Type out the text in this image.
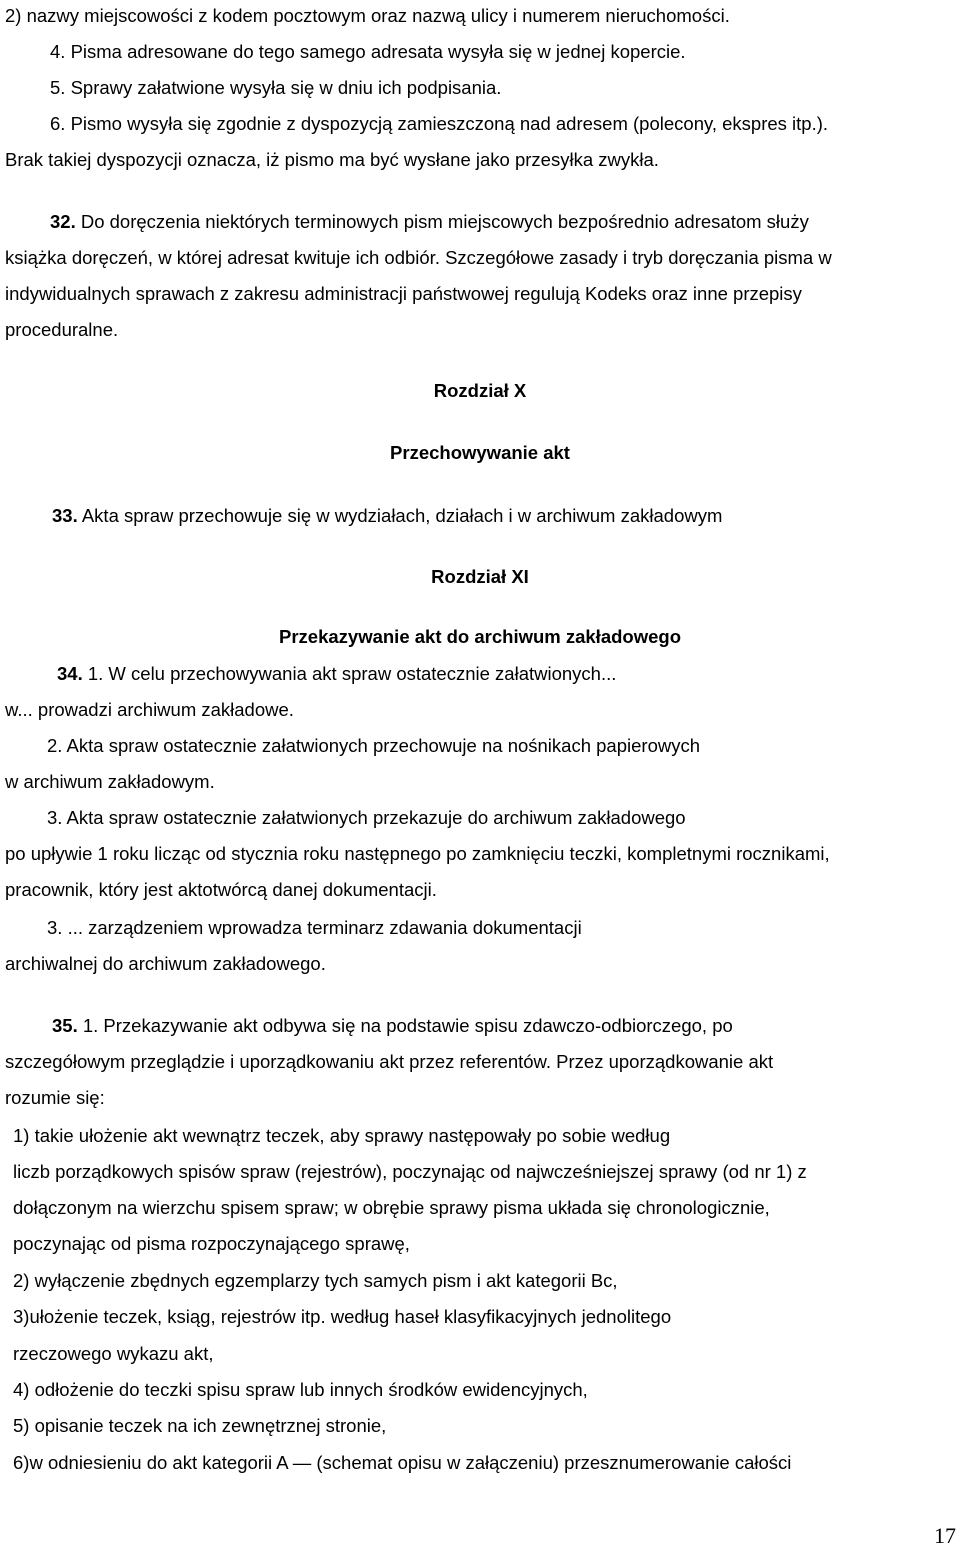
2) nazwy miejscowości z kodem pocztowym oraz nazwą ulicy i numerem nieruchomości.
4. Pisma adresowane do tego samego adresata wysyła się w jednej kopercie.
5. Sprawy załatwione wysyła się w dniu ich podpisania.
6. Pismo wysyła się zgodnie z dyspozycją zamieszczoną nad adresem (polecony, ekspres itp.).
Brak takiej dyspozycji oznacza, iż pismo ma być wysłane jako przesyłka zwykła.
32. Do doręczenia niektórych terminowych pism miejscowych bezpośrednio adresatom służy
książka doręczeń, w której adresat kwituje ich odbiór. Szczegółowe zasady i tryb doręczania pisma w
indywidualnych sprawach z zakresu administracji państwowej regulują Kodeks oraz inne przepisy
proceduralne.
Rozdział X
Przechowywanie akt
33. Akta spraw przechowuje się w wydziałach, działach i w archiwum zakładowym
Rozdział XI
Przekazywanie akt do archiwum zakładowego
34. 1. W celu przechowywania akt spraw ostatecznie załatwionych...
w... prowadzi archiwum zakładowe.
2. Akta spraw ostatecznie załatwionych przechowuje na nośnikach papierowych
w archiwum zakładowym.
3. Akta spraw ostatecznie załatwionych przekazuje do archiwum zakładowego
po upływie 1 roku licząc od stycznia roku następnego po zamknięciu teczki, kompletnymi rocznikami,
pracownik, który jest aktotwórcą danej dokumentacji.
3. ... zarządzeniem wprowadza terminarz zdawania dokumentacji
archiwalnej do archiwum zakładowego.
35. 1. Przekazywanie akt odbywa się na podstawie spisu zdawczo-odbiorczego, po
szczegółowym przeglądzie i uporządkowaniu akt przez referentów. Przez uporządkowanie akt
rozumie się:
1) takie ułożenie akt wewnątrz teczek, aby sprawy następowały po sobie według
liczb porządkowych spisów spraw (rejestrów), poczynając od najwcześniejszej sprawy (od nr 1) z
dołączonym na wierzchu spisem spraw; w obrębie sprawy pisma układa się chronologicznie,
poczynając od pisma rozpoczynającego sprawę,
2) wyłączenie zbędnych egzemplarzy tych samych pism i akt kategorii Bc,
3)ułożenie teczek, ksiąg, rejestrów itp. według haseł klasyfikacyjnych jednolitego
rzeczowego wykazu akt,
4) odłożenie do teczki spisu spraw lub innych środków ewidencyjnych,
5) opisanie teczek na ich zewnętrznej stronie,
6)w odniesieniu do akt kategorii A — (schemat opisu w załączeniu) przesznumerowanie całości
17
